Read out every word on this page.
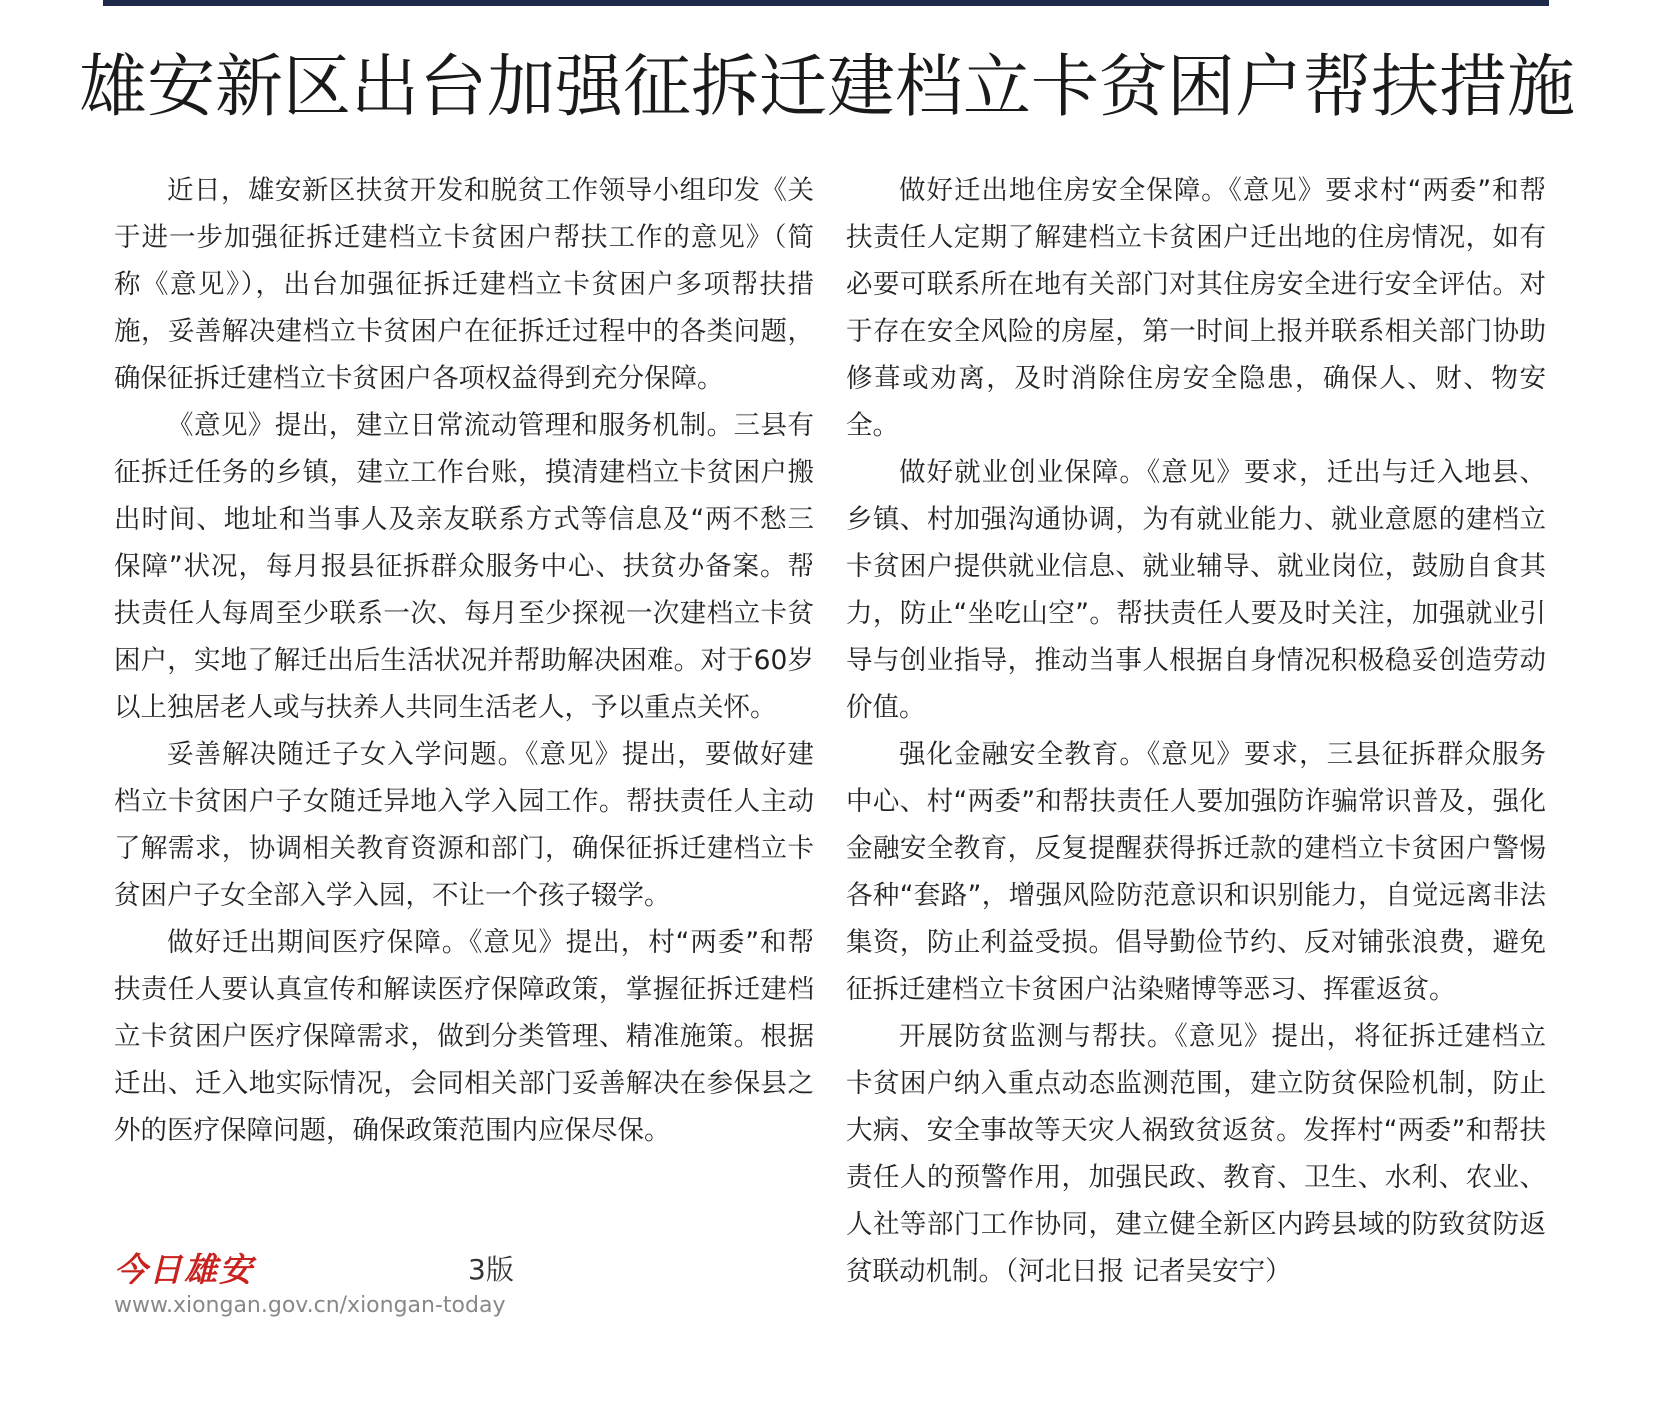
雄安新区出台加强征拆迁建档立卡贫困户帮扶措施

近日，雄安新区扶贫开发和脱贫工作领导小组印发《关于进一步加强征拆迁建档立卡贫困户帮扶工作的意见》（简称《意见》），出台加强征拆迁建档立卡贫困户多项帮扶措施，妥善解决建档立卡贫困户在征拆迁过程中的各类问题，确保征拆迁建档立卡贫困户各项权益得到充分保障。

《意见》提出，建立日常流动管理和服务机制。三县有征拆迁任务的乡镇，建立工作台账，摸清建档立卡贫困户搬出时间、地址和当事人及亲友联系方式等信息及“两不愁三保障”状况，每月报县征拆群众服务中心、扶贫办备案。帮扶责任人每周至少联系一次、每月至少探视一次建档立卡贫困户，实地了解迁出后生活状况并帮助解决困难。对于60岁以上独居老人或与扶养人共同生活老人，予以重点关怀。

妥善解决随迁子女入学问题。《意见》提出，要做好建档立卡贫困户子女随迁异地入学入园工作。帮扶责任人主动了解需求，协调相关教育资源和部门，确保征拆迁建档立卡贫困户子女全部入学入园，不让一个孩子辍学。

做好迁出期间医疗保障。《意见》提出，村“两委”和帮扶责任人要认真宣传和解读医疗保障政策，掌握征拆迁建档立卡贫困户医疗保障需求，做到分类管理、精准施策。根据迁出、迁入地实际情况，会同相关部门妥善解决在参保县之外的医疗保障问题，确保政策范围内应保尽保。

做好迁出地住房安全保障。《意见》要求村“两委”和帮扶责任人定期了解建档立卡贫困户迁出地的住房情况，如有必要可联系所在地有关部门对其住房安全进行安全评估。对于存在安全风险的房屋，第一时间上报并联系相关部门协助修葺或劝离，及时消除住房安全隐患，确保人、财、物安全。

做好就业创业保障。《意见》要求，迁出与迁入地县、乡镇、村加强沟通协调，为有就业能力、就业意愿的建档立卡贫困户提供就业信息、就业辅导、就业岗位，鼓励自食其力，防止“坐吃山空”。帮扶责任人要及时关注，加强就业引导与创业指导，推动当事人根据自身情况积极稳妥创造劳动价值。

强化金融安全教育。《意见》要求，三县征拆群众服务中心、村“两委”和帮扶责任人要加强防诈骗常识普及，强化金融安全教育，反复提醒获得拆迁款的建档立卡贫困户警惕各种“套路”，增强风险防范意识和识别能力，自觉远离非法集资，防止利益受损。倡导勤俭节约、反对铺张浪费，避免征拆迁建档立卡贫困户沾染赌博等恶习、挥霍返贫。

开展防贫监测与帮扶。《意见》提出，将征拆迁建档立卡贫困户纳入重点动态监测范围，建立防贫保险机制，防止大病、安全事故等天灾人祸致贫返贫。发挥村“两委”和帮扶责任人的预警作用，加强民政、教育、卫生、水利、农业、人社等部门工作协同，建立健全新区内跨县域的防致贫防返贫联动机制。（河北日报 记者吴安宁）

今日雄安	3版
www.xiongan.gov.cn/xiongan-today
